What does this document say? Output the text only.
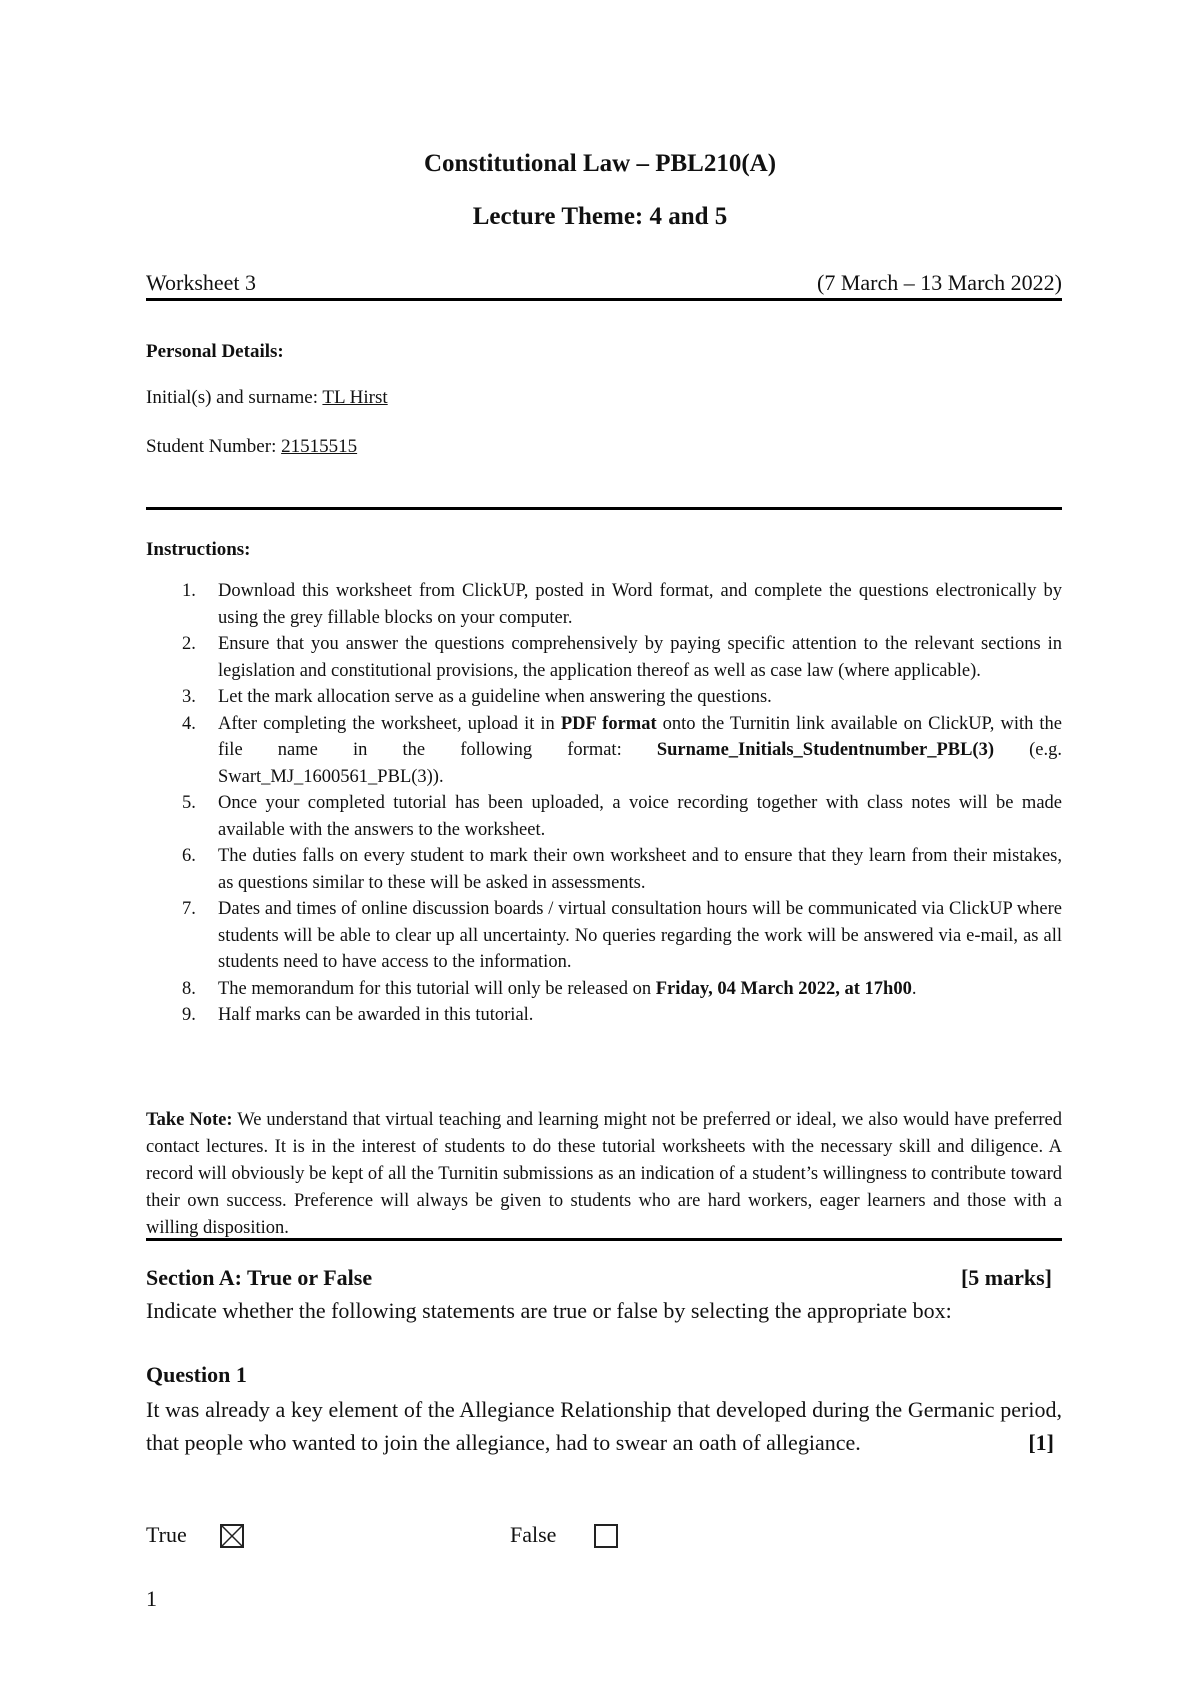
Constitutional Law – PBL210(A)
Lecture Theme: 4 and 5
Worksheet 3	(7 March – 13 March 2022)
Personal Details:
Initial(s) and surname: TL Hirst
Student Number: 21515515
Instructions:
1.	Download this worksheet from ClickUP, posted in Word format, and complete the questions electronically by using the grey fillable blocks on your computer.
2.	Ensure that you answer the questions comprehensively by paying specific attention to the relevant sections in legislation and constitutional provisions, the application thereof as well as case law (where applicable).
3.	Let the mark allocation serve as a guideline when answering the questions.
4.	After completing the worksheet, upload it in PDF format onto the Turnitin link available on ClickUP, with the file name in the following format: Surname_Initials_Studentnumber_PBL(3) (e.g. Swart_MJ_1600561_PBL(3)).
5.	Once your completed tutorial has been uploaded, a voice recording together with class notes will be made available with the answers to the worksheet.
6.	The duties falls on every student to mark their own worksheet and to ensure that they learn from their mistakes, as questions similar to these will be asked in assessments.
7.	Dates and times of online discussion boards / virtual consultation hours will be communicated via ClickUP where students will be able to clear up all uncertainty. No queries regarding the work will be answered via e-mail, as all students need to have access to the information.
8.	The memorandum for this tutorial will only be released on Friday, 04 March 2022, at 17h00.
9.	Half marks can be awarded in this tutorial.
Take Note: We understand that virtual teaching and learning might not be preferred or ideal, we also would have preferred contact lectures. It is in the interest of students to do these tutorial worksheets with the necessary skill and diligence. A record will obviously be kept of all the Turnitin submissions as an indication of a student’s willingness to contribute toward their own success. Preference will always be given to students who are hard workers, eager learners and those with a willing disposition.
Section A: True or False	[5 marks]
Indicate whether the following statements are true or false by selecting the appropriate box:
Question 1
It was already a key element of the Allegiance Relationship that developed during the Germanic period, that people who wanted to join the allegiance, had to swear an oath of allegiance.	[1]
True	False
1
